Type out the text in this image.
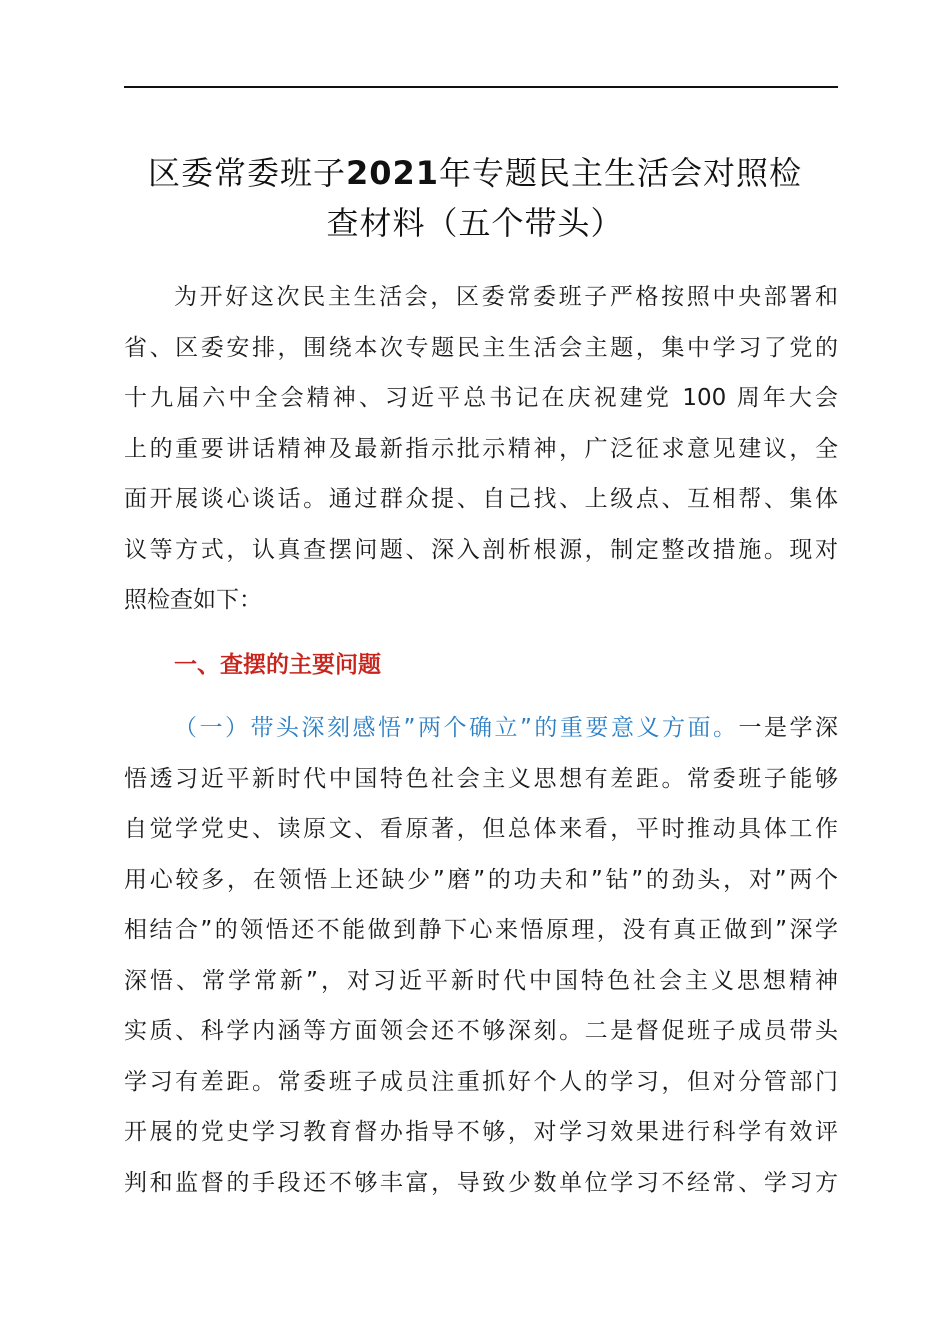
区委常委班子2021年专题民主生活会对照检
查材料（五个带头）
为开好这次民主生活会，区委常委班子严格按照中央部署和
省、区委安排，围绕本次专题民主生活会主题，集中学习了党的
十九届六中全会精神、习近平总书记在庆祝建党 100 周年大会
上的重要讲话精神及最新指示批示精神，广泛征求意见建议，全
面开展谈心谈话。通过群众提、自己找、上级点、互相帮、集体
议等方式，认真查摆问题、深入剖析根源，制定整改措施。现对
照检查如下：
一、查摆的主要问题
（一）带头深刻感悟”两个确立”的重要意义方面。一是学深
悟透习近平新时代中国特色社会主义思想有差距。常委班子能够
自觉学党史、读原文、看原著，但总体来看，平时推动具体工作
用心较多，在领悟上还缺少”磨”的功夫和”钻”的劲头，对”两个
相结合”的领悟还不能做到静下心来悟原理，没有真正做到”深学
深悟、常学常新”，对习近平新时代中国特色社会主义思想精神
实质、科学内涵等方面领会还不够深刻。二是督促班子成员带头
学习有差距。常委班子成员注重抓好个人的学习，但对分管部门
开展的党史学习教育督办指导不够，对学习效果进行科学有效评
判和监督的手段还不够丰富，导致少数单位学习不经常、学习方
